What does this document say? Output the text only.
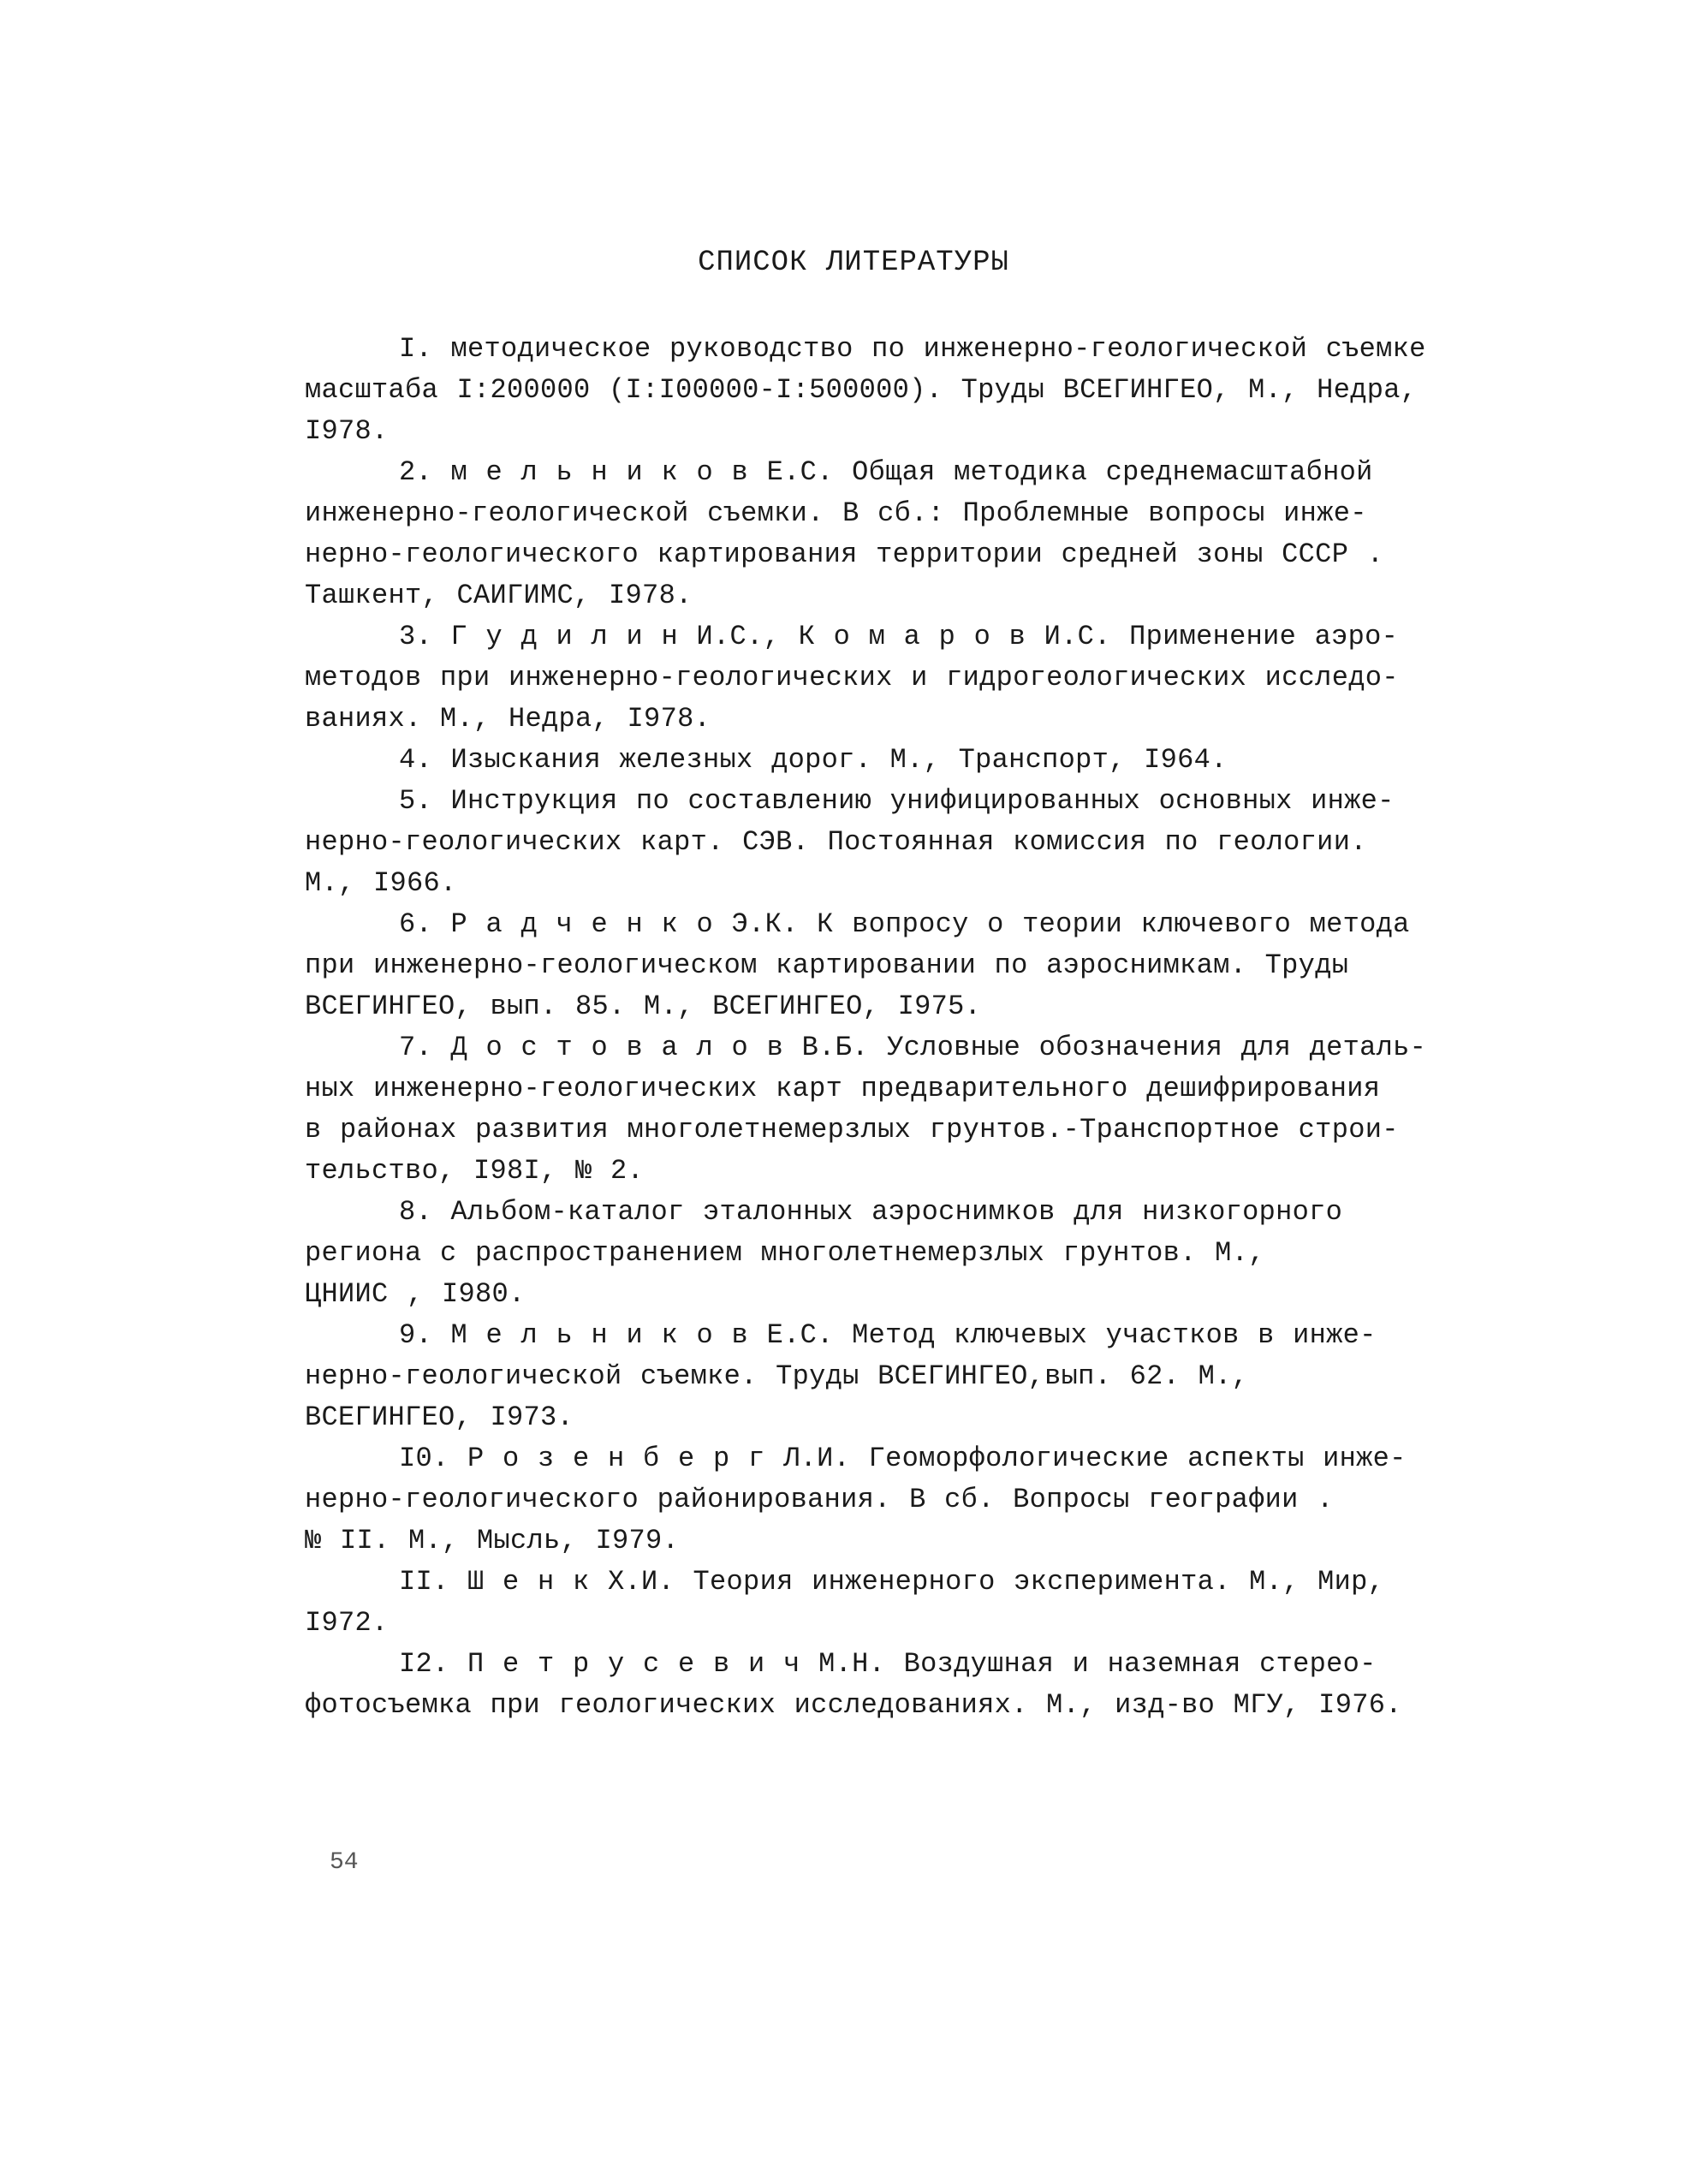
СПИСОК ЛИТЕРАТУРЫ

I. методическое руководство по инженерно-геологической съемке
масштаба I:200000 (I:I00000-I:500000). Труды ВСЕГИНГЕО, М., Недра,
I978.

2. м е л ь н и к о в Е.С. Общая методика среднемасштабной
инженерно-геологической съемки. В сб.: Проблемные вопросы инже-
нерно-геологического картирования территории средней зоны СССР .
Ташкент, САИГИМС, I978.

3. Г у д и л и н И.С., К о м а р о в И.С. Применение аэро-
методов при инженерно-геологических и гидрогеологических исследо-
ваниях. М., Недра, I978.

4. Изыскания железных дорог. М., Транспорт, I964.

5. Инструкция по составлению унифицированных основных инже-
нерно-геологических карт. СЭВ. Постоянная комиссия по геологии.
М., I966.

6. Р а д ч е н к о Э.К. К вопросу о теории ключевого метода
при инженерно-геологическом картировании по аэроснимкам. Труды
ВСЕГИНГЕО, вып. 85. М., ВСЕГИНГЕО, I975.

7. Д о с т о в а л о в В.Б. Условные обозначения для деталь-
ных инженерно-геологических карт предварительного дешифрирования
в районах развития многолетнемерзлых грунтов.-Транспортное строи-
тельство, I98I, № 2.

8. Альбом-каталог эталонных аэроснимков для низкогорного
региона с распространением многолетнемерзлых грунтов. М.,
ЦНИИС , I980.

9. М е л ь н и к о в Е.С. Метод ключевых участков в инже-
нерно-геологической съемке. Труды ВСЕГИНГЕО,вып. 62. М.,
ВСЕГИНГЕО, I973.

I0. Р о з е н б е р г Л.И. Геоморфологические аспекты инже-
нерно-геологического районирования. В сб. Вопросы географии .
№ II. М., Мысль, I979.

II. Ш е н к Х.И. Теория инженерного эксперимента. М., Мир,
I972.

I2. П е т р у с е в и ч М.Н. Воздушная и наземная стерео-
фотосъемка при геологических исследованиях. М., изд-во МГУ, I976.

54
